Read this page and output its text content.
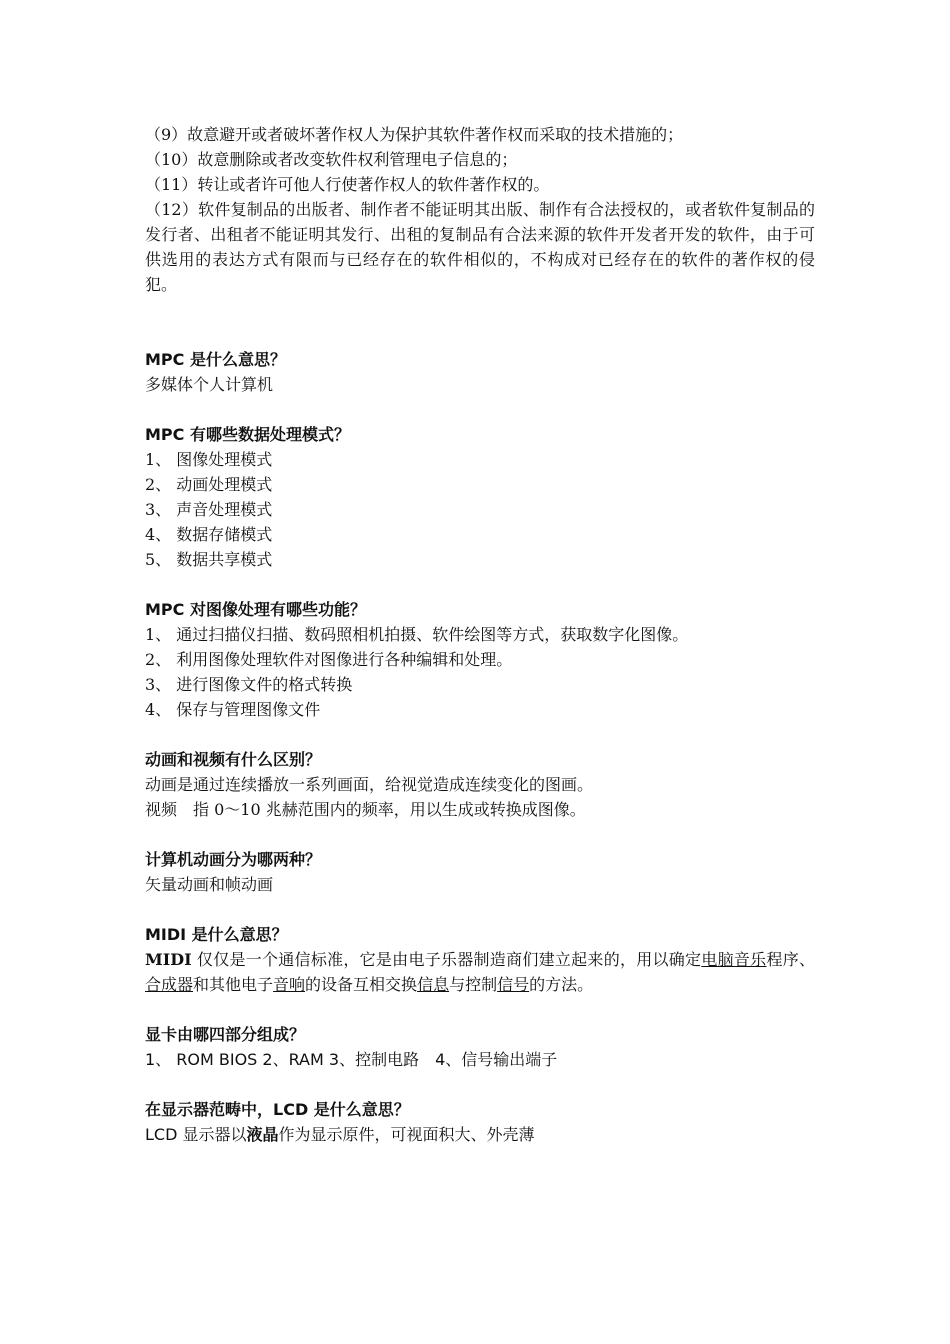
（9）故意避开或者破坏著作权人为保护其软件著作权而采取的技术措施的；
（10）故意删除或者改变软件权利管理电子信息的；
（11）转让或者许可他人行使著作权人的软件著作权的。
（12）软件复制品的出版者、制作者不能证明其出版、制作有合法授权的，或者软件复制品的发行者、出租者不能证明其发行、出租的复制品有合法来源的软件开发者开发的软件，由于可供选用的表达方式有限而与已经存在的软件相似的，不构成对已经存在的软件的著作权的侵犯。
MPC 是什么意思？
多媒体个人计算机
MPC 有哪些数据处理模式？
1、 图像处理模式
2、 动画处理模式
3、 声音处理模式
4、 数据存储模式
5、 数据共享模式
MPC 对图像处理有哪些功能？
1、 通过扫描仪扫描、数码照相机拍摄、软件绘图等方式，获取数字化图像。
2、 利用图像处理软件对图像进行各种编辑和处理。
3、 进行图像文件的格式转换
4、 保存与管理图像文件
动画和视频有什么区别？
动画是通过连续播放一系列画面，给视觉造成连续变化的图画。
视频　指 0～10 兆赫范围内的频率，用以生成或转换成图像。
计算机动画分为哪两种？
矢量动画和帧动画
MIDI 是什么意思？
MIDI 仅仅是一个通信标准，它是由电子乐器制造商们建立起来的，用以确定电脑音乐程序、合成器和其他电子音响的设备互相交换信息与控制信号的方法。
显卡由哪四部分组成？
1、 ROM BIOS 2、RAM 3、控制电路　4、信号输出端子
在显示器范畴中，LCD 是什么意思？
LCD 显示器以液晶作为显示原件，可视面积大、外壳薄
